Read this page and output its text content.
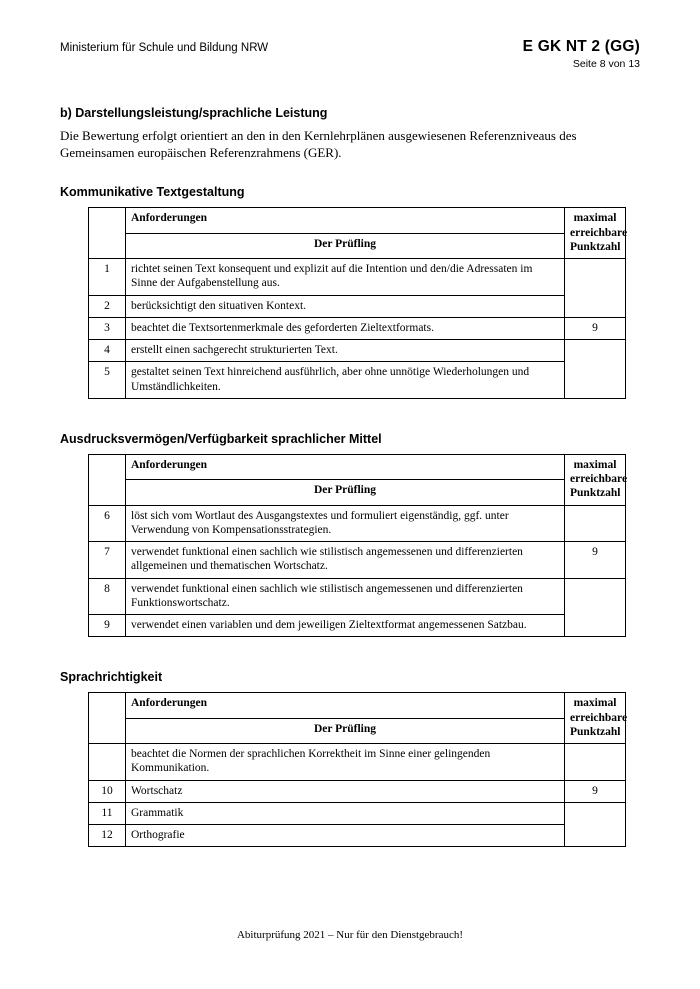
Ministerium für Schule und Bildung NRW	E GK NT 2 (GG)
Seite 8 von 13
b) Darstellungsleistung/sprachliche Leistung
Die Bewertung erfolgt orientiert an den in den Kernlehrplänen ausgewiesenen Referenzniveaus des Gemeinsamen europäischen Referenzrahmens (GER).
Kommunikative Textgestaltung
	Anforderungen	maximal
erreichbare
Punktzahl
	Der Prüfling	
1	richtet seinen Text konsequent und explizit auf die Intention und den/die Adressaten im Sinne der Aufgabenstellung aus.	
2	berücksichtigt den situativen Kontext.	
3	beachtet die Textsortenmerkmale des geforderten Zieltextformats.	9
4	erstellt einen sachgerecht strukturierten Text.	
5	gestaltet seinen Text hinreichend ausführlich, aber ohne unnötige Wiederholungen und Umständlichkeiten.	
Ausdrucksvermögen/Verfügbarkeit sprachlicher Mittel
	Anforderungen	maximal
erreichbare
Punktzahl
	Der Prüfling	
6	löst sich vom Wortlaut des Ausgangstextes und formuliert eigenständig, ggf. unter Verwendung von Kompensationsstrategien.	
7	verwendet funktional einen sachlich wie stilistisch angemessenen und differenzierten allgemeinen und thematischen Wortschatz.	9
8	verwendet funktional einen sachlich wie stilistisch angemessenen und differenzierten Funktionswortschatz.	
9	verwendet einen variablen und dem jeweiligen Zieltextformat angemessenen Satzbau.	
Sprachrichtigkeit
	Anforderungen	maximal
erreichbare
Punktzahl
	Der Prüfling	
	beachtet die Normen der sprachlichen Korrektheit im Sinne einer gelingenden Kommunikation.	
10	Wortschatz	9
11	Grammatik	
12	Orthografie	
Abiturprüfung 2021 – Nur für den Dienstgebrauch!
